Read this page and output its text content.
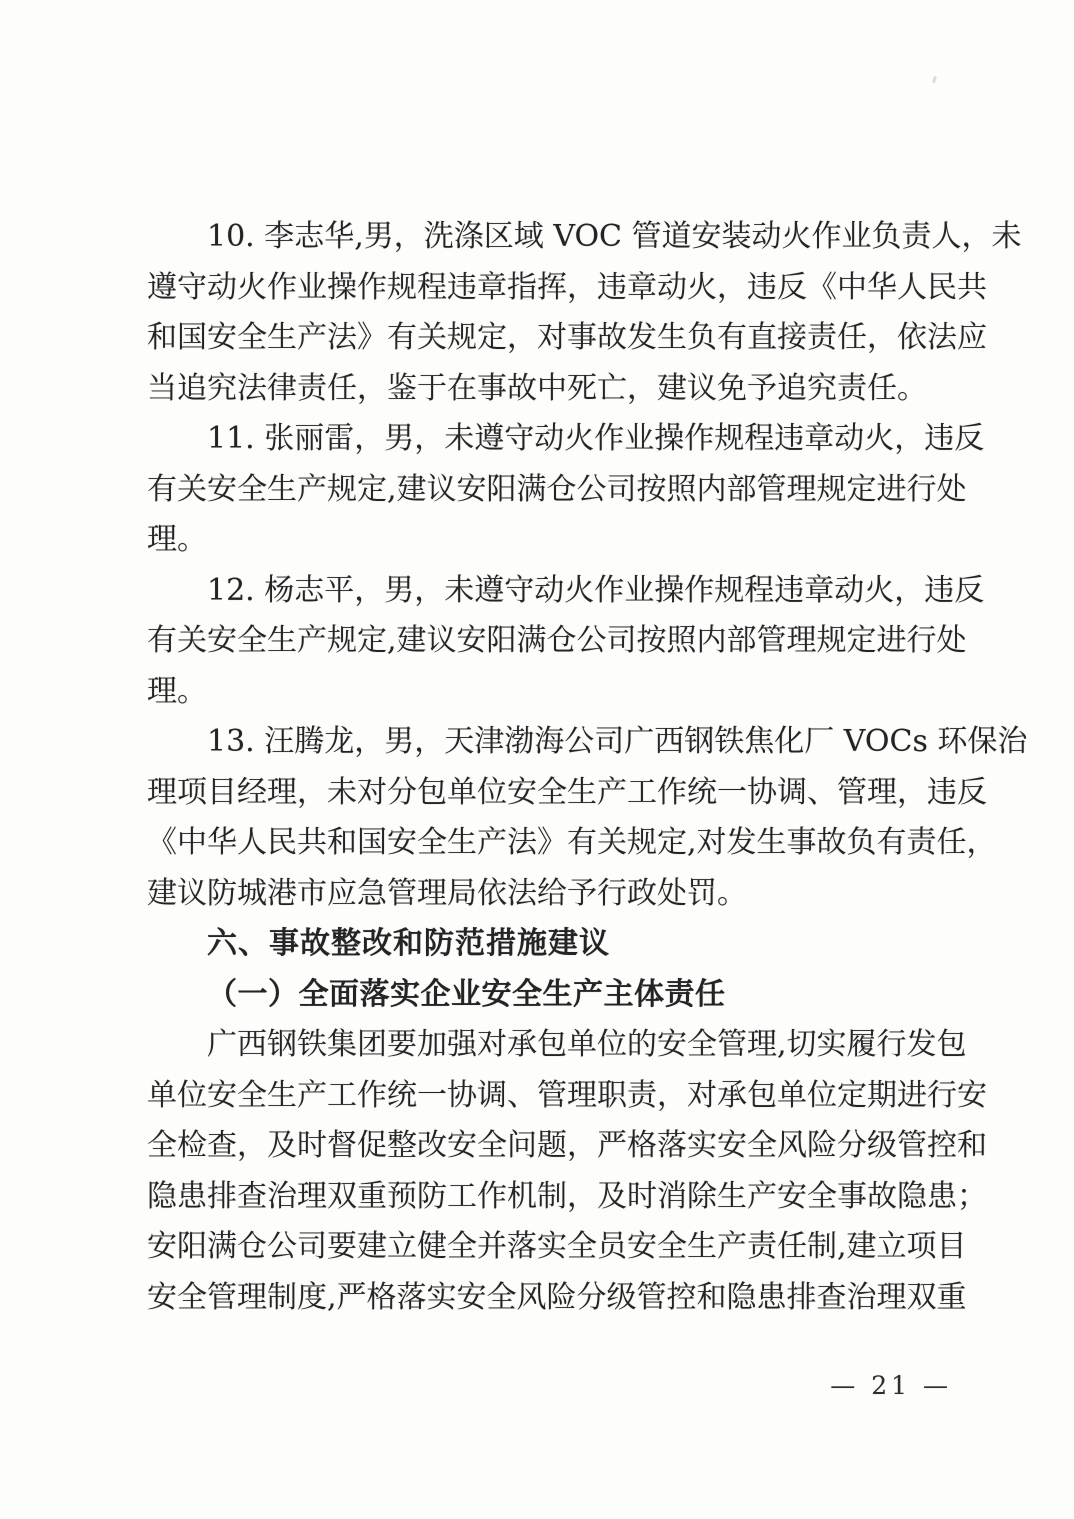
10. 李志华,男，洗涤区域 VOC 管道安装动火作业负责人，未

遵守动火作业操作规程违章指挥，违章动火，违反《中华人民共

和国安全生产法》有关规定，对事故发生负有直接责任，依法应

当追究法律责任，鉴于在事故中死亡，建议免予追究责任。

11. 张丽雷，男，未遵守动火作业操作规程违章动火，违反

有关安全生产规定,建议安阳满仓公司按照内部管理规定进行处

理。

12. 杨志平，男，未遵守动火作业操作规程违章动火，违反

有关安全生产规定,建议安阳满仓公司按照内部管理规定进行处

理。

13. 汪腾龙，男，天津渤海公司广西钢铁焦化厂 VOCs 环保治

理项目经理，未对分包单位安全生产工作统一协调、管理，违反

《中华人民共和国安全生产法》有关规定,对发生事故负有责任，

建议防城港市应急管理局依法给予行政处罚。

六、事故整改和防范措施建议
（一）全面落实企业安全生产主体责任

广西钢铁集团要加强对承包单位的安全管理,切实履行发包

单位安全生产工作统一协调、管理职责，对承包单位定期进行安

全检查，及时督促整改安全问题，严格落实安全风险分级管控和

隐患排查治理双重预防工作机制，及时消除生产安全事故隐患；

安阳满仓公司要建立健全并落实全员安全生产责任制,建立项目

安全管理制度,严格落实安全风险分级管控和隐患排查治理双重

— 21 —
